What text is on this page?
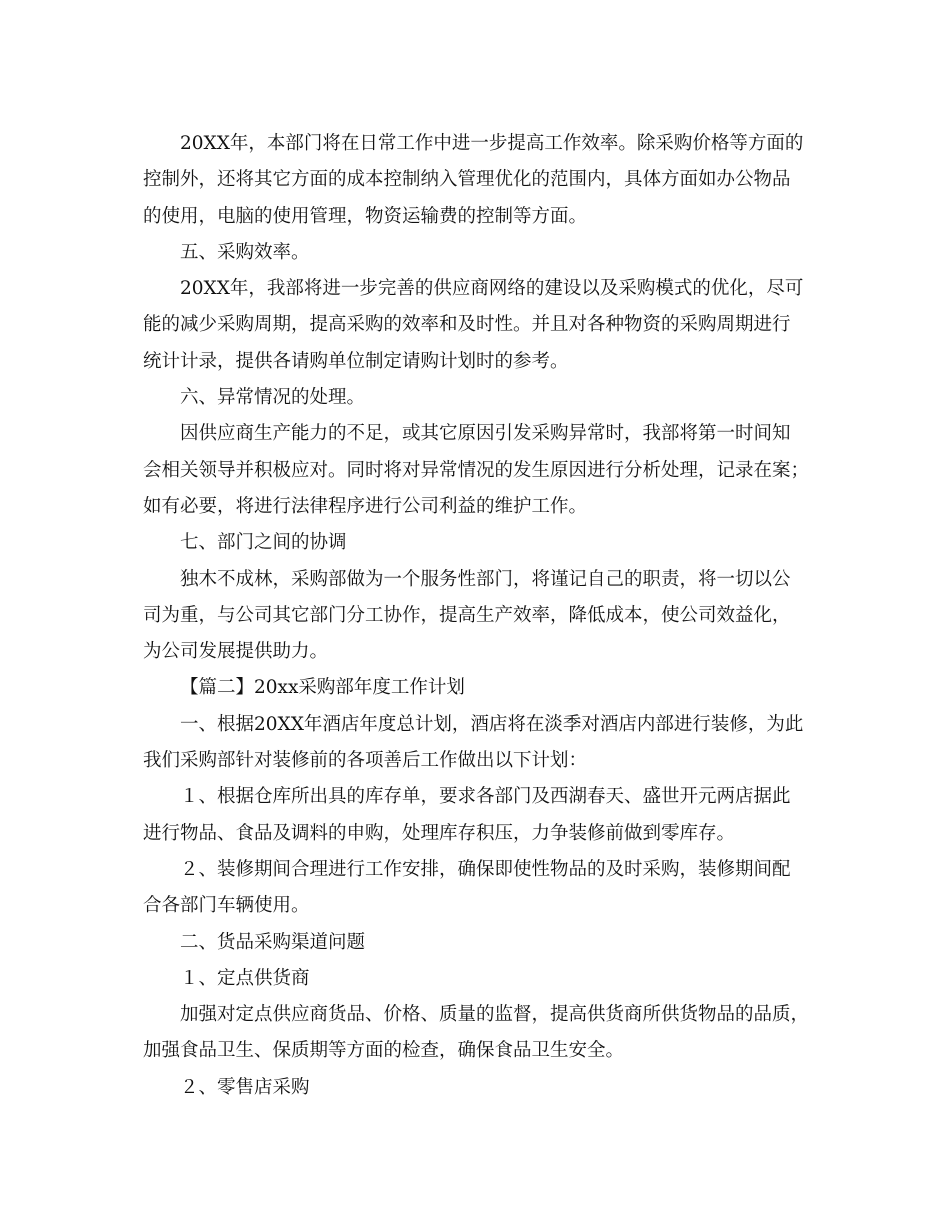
20XX年，本部门将在日常工作中进一步提高工作效率。除采购价格等方面的
控制外，还将其它方面的成本控制纳入管理优化的范围内，具体方面如办公物品
的使用，电脑的使用管理，物资运输费的控制等方面。
五、采购效率。
20XX年，我部将进一步完善的供应商网络的建设以及采购模式的优化，尽可
能的减少采购周期，提高采购的效率和及时性。并且对各种物资的采购周期进行
统计计录，提供各请购单位制定请购计划时的参考。
六、异常情况的处理。
因供应商生产能力的不足，或其它原因引发采购异常时，我部将第一时间知
会相关领导并积极应对。同时将对异常情况的发生原因进行分析处理，记录在案；
如有必要，将进行法律程序进行公司利益的维护工作。
七、部门之间的协调
独木不成林，采购部做为一个服务性部门，将谨记自己的职责，将一切以公
司为重，与公司其它部门分工协作，提高生产效率，降低成本，使公司效益化，
为公司发展提供助力。
【篇二】20xx采购部年度工作计划
一、根据20XX年酒店年度总计划，酒店将在淡季对酒店内部进行装修，为此
我们采购部针对装修前的各项善后工作做出以下计划：
１、根据仓库所出具的库存单，要求各部门及西湖春天、盛世开元两店据此
进行物品、食品及调料的申购，处理库存积压，力争装修前做到零库存。
２、装修期间合理进行工作安排，确保即使性物品的及时采购，装修期间配
合各部门车辆使用。
二、货品采购渠道问题
１、定点供货商
加强对定点供应商货品、价格、质量的监督，提高供货商所供货物品的品质，
加强食品卫生、保质期等方面的检查，确保食品卫生安全。
２、零售店采购
